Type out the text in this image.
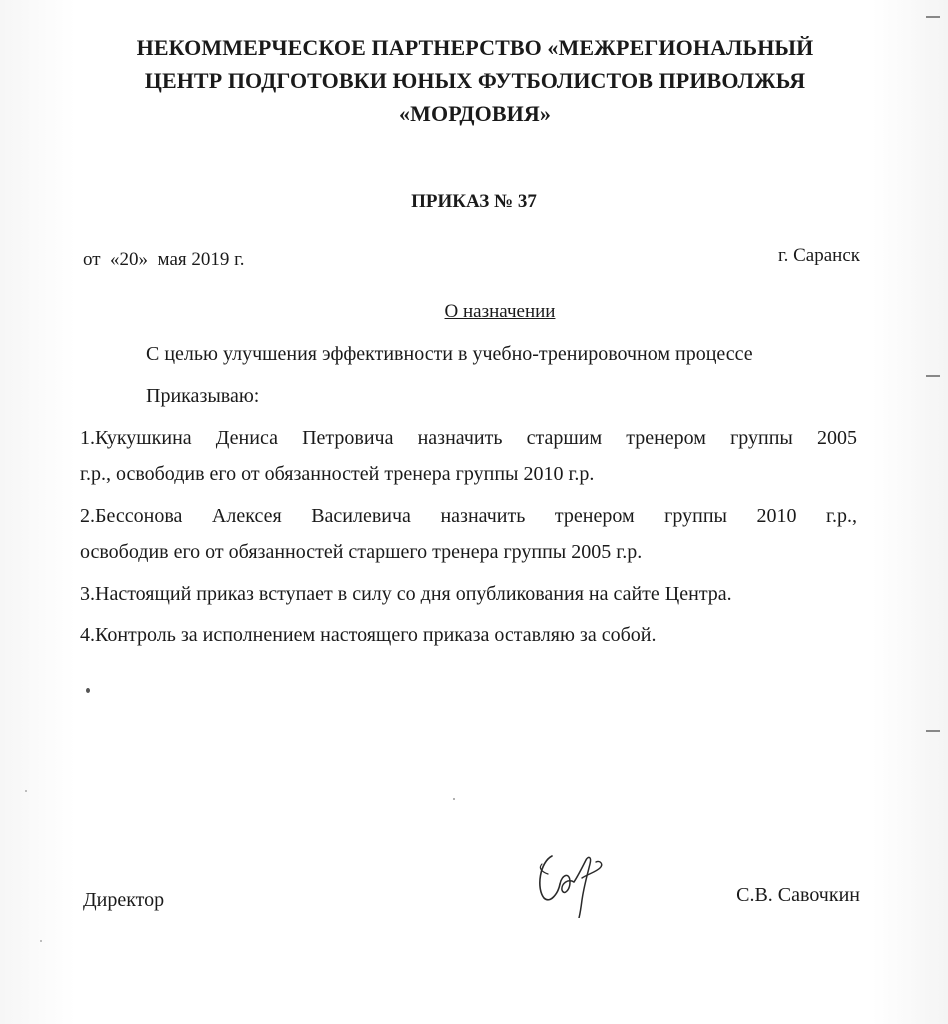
НЕКОММЕРЧЕСКОЕ ПАРТНЕРСТВО «МЕЖРЕГИОНАЛЬНЫЙ
ЦЕНТР ПОДГОТОВКИ ЮНЫХ ФУТБОЛИСТОВ ПРИВОЛЖЬЯ
«МОРДОВИЯ»
ПРИКАЗ № 37
от  «20»  мая 2019 г.	г. Саранск
О назначении
С целью улучшения эффективности в учебно-тренировочном процессе
Приказываю:
1.Кукушкина Дениса Петровича назначить старшим тренером группы 2005
г.р., освободив его от обязанностей тренера группы 2010 г.р.
2.Бессонова Алексея Василевича назначить тренером группы 2010 г.р.,
освободив его от обязанностей старшего тренера группы 2005 г.р.
3.Настоящий приказ вступает в силу со дня опубликования на сайте Центра.
4.Контроль за исполнением настоящего приказа оставляю за собой.
Директор	С.В. Савочкин
